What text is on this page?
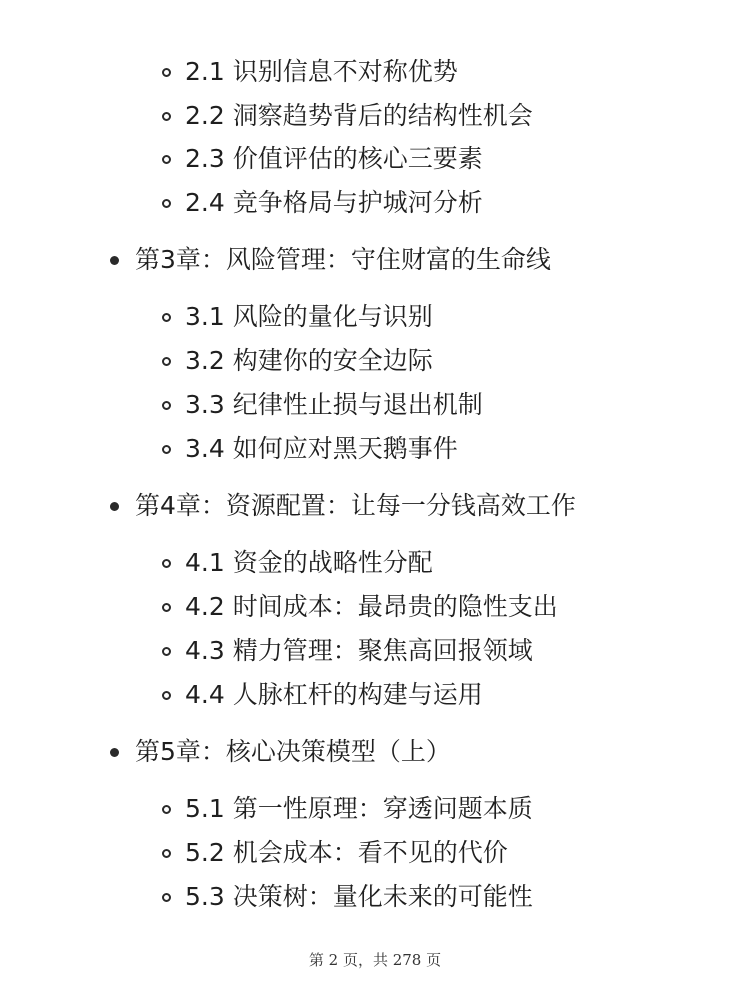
2.1 识别信息不对称优势
2.2 洞察趋势背后的结构性机会
2.3 价值评估的核心三要素
2.4 竞争格局与护城河分析
第3章：风险管理：守住财富的生命线
3.1 风险的量化与识别
3.2 构建你的安全边际
3.3 纪律性止损与退出机制
3.4 如何应对黑天鹅事件
第4章：资源配置：让每一分钱高效工作
4.1 资金的战略性分配
4.2 时间成本：最昂贵的隐性支出
4.3 精力管理：聚焦高回报领域
4.4 人脉杠杆的构建与运用
第5章：核心决策模型（上）
5.1 第一性原理：穿透问题本质
5.2 机会成本：看不见的代价
5.3 决策树：量化未来的可能性
第 2 页，共 278 页
